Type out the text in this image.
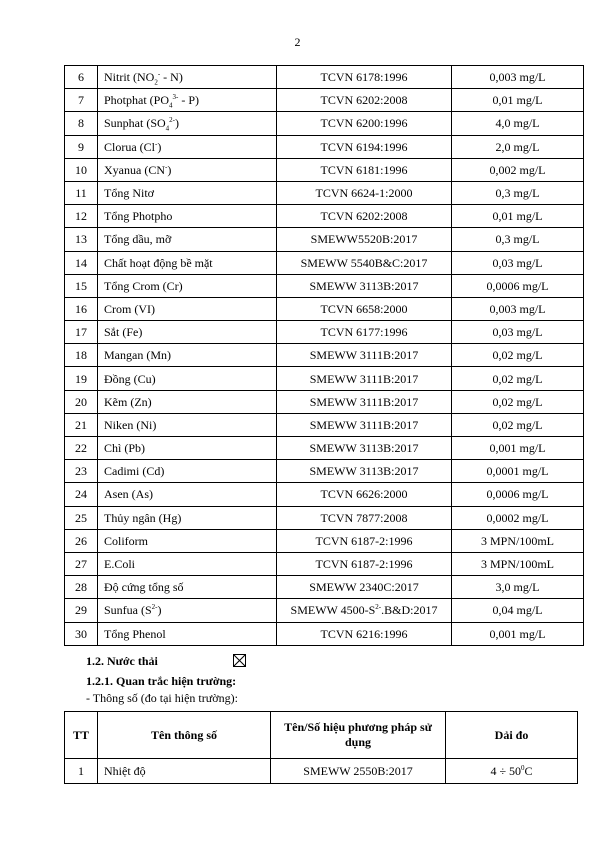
2
6	Nitrit $(NO_2^- - N)$	TCVN 6178:1996	0,003 mg/L
7	Photphat $(PO_4^{3-} - P)$	TCVN 6202:2008	0,01 mg/L
8	Sunphat $(SO_4^{2-})$	TCVN 6200:1996	4,0 mg/L
9	Clorua (Cl-)	TCVN 6194:1996	2,0 mg/L
10	Xyanua (CN-)	TCVN 6181:1996	0,002 mg/L
11	Tổng Nitơ	TCVN 6624-1:2000	0,3 mg/L
12	Tổng Photpho	TCVN 6202:2008	0,01 mg/L
13	Tổng dầu, mỡ	SMEWW5520B:2017	0,3 mg/L
14	Chất hoạt động bề mặt	SMEWW 5540B&C:2017	0,03 mg/L
15	Tổng Crom (Cr)	SMEWW 3113B:2017	0,0006 mg/L
16	Crom (VI)	TCVN 6658:2000	0,003 mg/L
17	Sắt (Fe)	TCVN 6177:1996	0,03 mg/L
18	Mangan (Mn)	SMEWW 3111B:2017	0,02 mg/L
19	Đồng (Cu)	SMEWW 3111B:2017	0,02 mg/L
20	Kẽm (Zn)	SMEWW 3111B:2017	0,02 mg/L
21	Niken (Ni)	SMEWW 3111B:2017	0,02 mg/L
22	Chì (Pb)	SMEWW 3113B:2017	0,001 mg/L
23	Cadimi (Cd)	SMEWW 3113B:2017	0,0001 mg/L
24	Asen (As)	TCVN 6626:2000	0,0006 mg/L
25	Thủy ngân (Hg)	TCVN 7877:2008	0,0002 mg/L
26	Coliform	TCVN 6187-2:1996	3 MPN/100mL
27	E.Coli	TCVN 6187-2:1996	3 MPN/100mL
28	Độ cứng tổng số	SMEWW 2340C:2017	3,0 mg/L
29	Sunfua $(S^{2-})$	SMEWW $4500-S^{2-}.B\&D:2017$	0,04 mg/L
30	Tổng Phenol	TCVN 6216:1996	0,001 mg/L
1.2. Nước thải
1.2.1. Quan trắc hiện trường:
- Thông số (đo tại hiện trường):
TT	Tên thông số	Tên/Số hiệu phương pháp sử dụng	Dải đo
1	Nhiệt độ	SMEWW 2550B:2017	$4 \div 50^0C$
